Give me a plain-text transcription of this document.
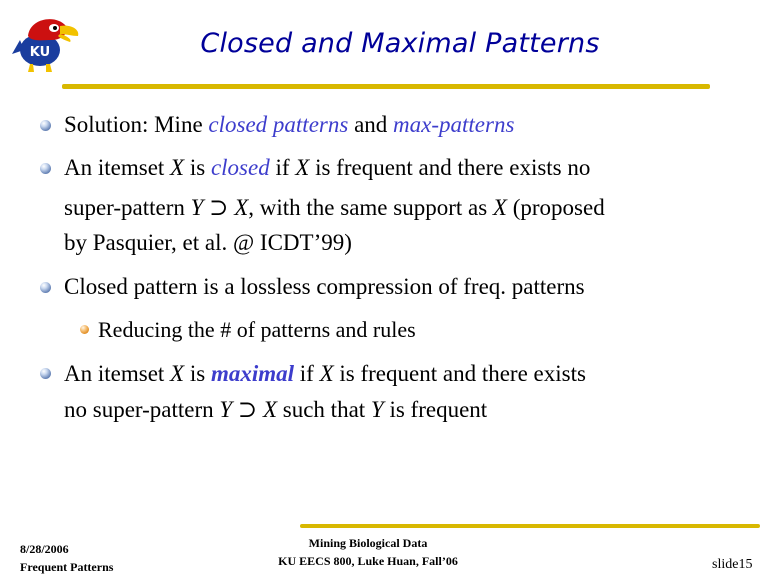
KU	Closed and Maximal Patterns
Solution: Mine closed patterns and max-patterns
An itemset X is closed if X is frequent and there exists no
super-pattern Y ⊃ X, with the same support as X (proposed
by Pasquier, et al. @ ICDT’99)
Closed pattern is a lossless compression of freq. patterns
Reducing the # of patterns and rules
An itemset X is maximal if X is frequent and there exists
no super-pattern Y ⊃ X such that Y is frequent
Mining Biological Data
KU EECS 800, Luke Huan, Fall’06
8/28/2006
Frequent Patterns	slide15
